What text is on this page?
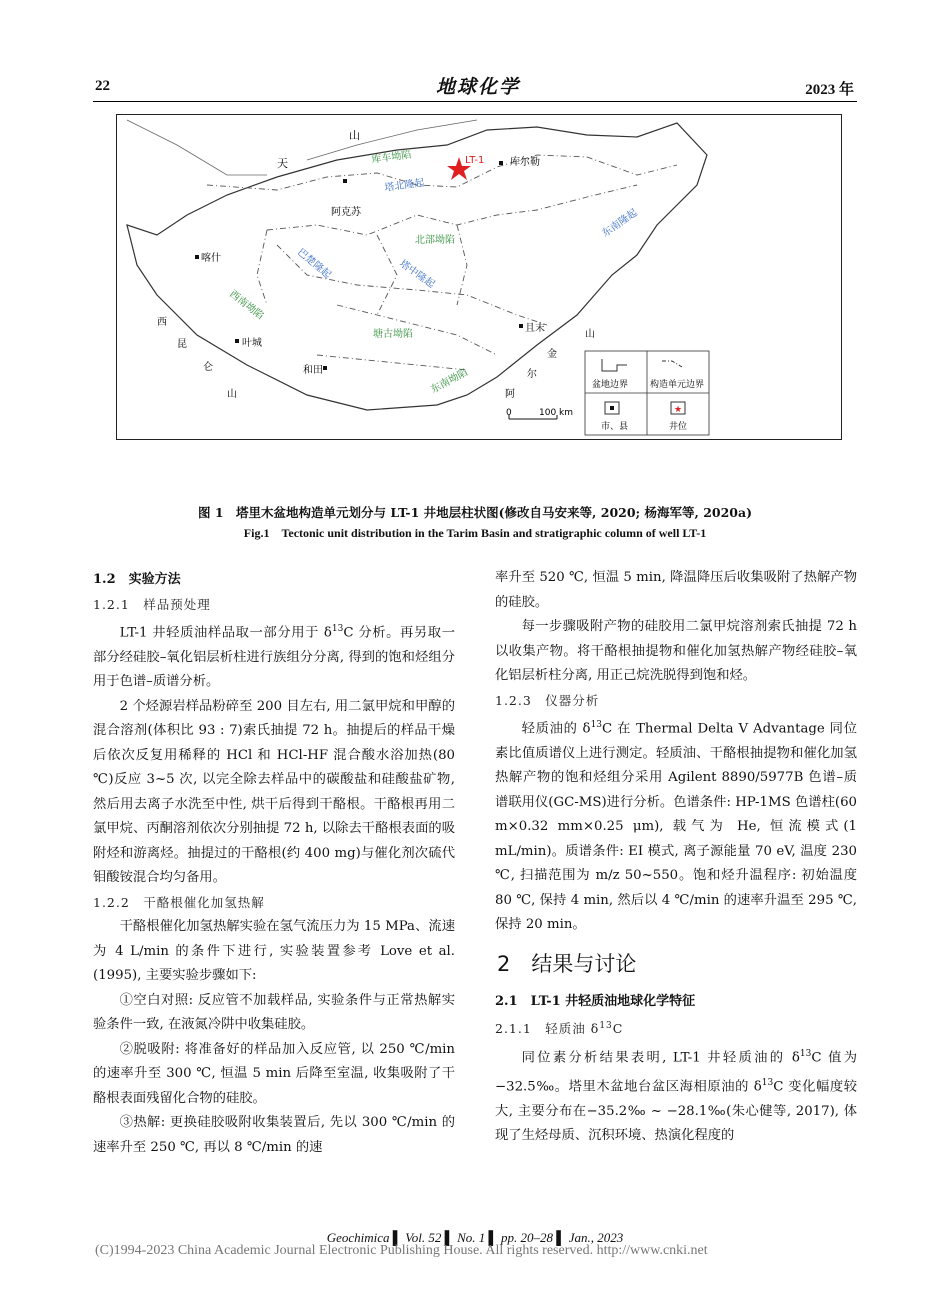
22	地球化学	2023 年
天
山
库车坳陷	LT-1	库尔勒
塔北隆起
阿克苏
北部坳陷
东南隆起
喀什	巴楚隆起	塔中隆起
西南坳陷
叶城
塘古坳陷
且末
和田	东南坳陷
西
昆
仑
山	阿
尔
金
山
0	100 km
盆地边界 构造单元边界
★
市、县	井位
图 1　塔里木盆地构造单元划分与 LT-1 井地层柱状图(修改自马安来等, 2020; 杨海军等, 2020a)
Fig.1　Tectonic unit distribution in the Tarim Basin and stratigraphic column of well LT-1

1.2　实验方法

1.2.1　样品预处理

LT-1 井轻质油样品取一部分用于 $\delta^{13}C$ 分析。再另取一部分经硅胶–氧化铝层析柱进行族组分分离, 得到的饱和烃组分用于色谱–质谱分析。

2 个烃源岩样品粉碎至 200 目左右, 用二氯甲烷和甲醇的混合溶剂(体积比 93 : 7)索氏抽提 72 h。抽提后的样品干燥后依次反复用稀释的 HCl 和 HCl-HF 混合酸水浴加热(80 ℃)反应 3~5 次, 以完全除去样品中的碳酸盐和硅酸盐矿物, 然后用去离子水洗至中性, 烘干后得到干酪根。干酪根再用二氯甲烷、丙酮溶剂依次分别抽提 72 h, 以除去干酪根表面的吸附烃和游离烃。抽提过的干酪根(约 400 mg)与催化剂次硫代钼酸铵混合均匀备用。

1.2.2　干酪根催化加氢热解

干酪根催化加氢热解实验在氢气流压力为 15 MPa、流速为 4 L/min 的条件下进行, 实验装置参考 Love et al. (1995), 主要实验步骤如下:

①空白对照: 反应管不加载样品, 实验条件与正常热解实验条件一致, 在液氮冷阱中收集硅胶。

②脱吸附: 将准备好的样品加入反应管, 以 250 ℃/min 的速率升至 300 ℃, 恒温 5 min 后降至室温, 收集吸附了干酪根表面残留化合物的硅胶。

③热解: 更换硅胶吸附收集装置后, 先以 300 ℃/min 的速率升至 250 ℃, 再以 8 ℃/min 的速

率升至 520 ℃, 恒温 5 min, 降温降压后收集吸附了热解产物的硅胶。

每一步骤吸附产物的硅胶用二氯甲烷溶剂索氏抽提 72 h 以收集产物。将干酪根抽提物和催化加氢热解产物经硅胶–氧化铝层析柱分离, 用正己烷洗脱得到饱和烃。

1.2.3　仪器分析

轻质油的 $\delta^{13}C$ 在 Thermal Delta V Advantage 同位素比值质谱仪上进行测定。轻质油、干酪根抽提物和催化加氢热解产物的饱和烃组分采用 Agilent 8890/5977B 色谱–质谱联用仪(GC-MS)进行分析。色谱条件: HP-1MS 色谱柱(60 m×0.32 mm×0.25 μm), 载气为 He, 恒流模式(1 mL/min)。质谱条件: EI 模式, 离子源能量 70 eV, 温度 230 ℃, 扫描范围为 m/z 50~550。饱和烃升温程序: 初始温度 80 ℃, 保持 4 min, 然后以 4 ℃/min 的速率升温至 295 ℃, 保持 20 min。

2　结果与讨论

2.1　LT-1 井轻质油地球化学特征

2.1.1　轻质油 $\delta^{13}C$

同位素分析结果表明, LT-1 井轻质油的 $\delta^{13}C$ 值为−32.5‰。塔里木盆地台盆区海相原油的 $\delta^{13}C$ 变化幅度较大, 主要分布在−35.2‰ ~ −28.1‰(朱心健等, 2017), 体现了生烃母质、沉积环境、热演化程度的

Geochimica ▌ Vol. 52 ▌ No. 1 ▌ pp. 20–28 ▌ Jan., 2023
(C)1994-2023 China Academic Journal Electronic Publishing House. All rights reserved. http://www.cnki.net
